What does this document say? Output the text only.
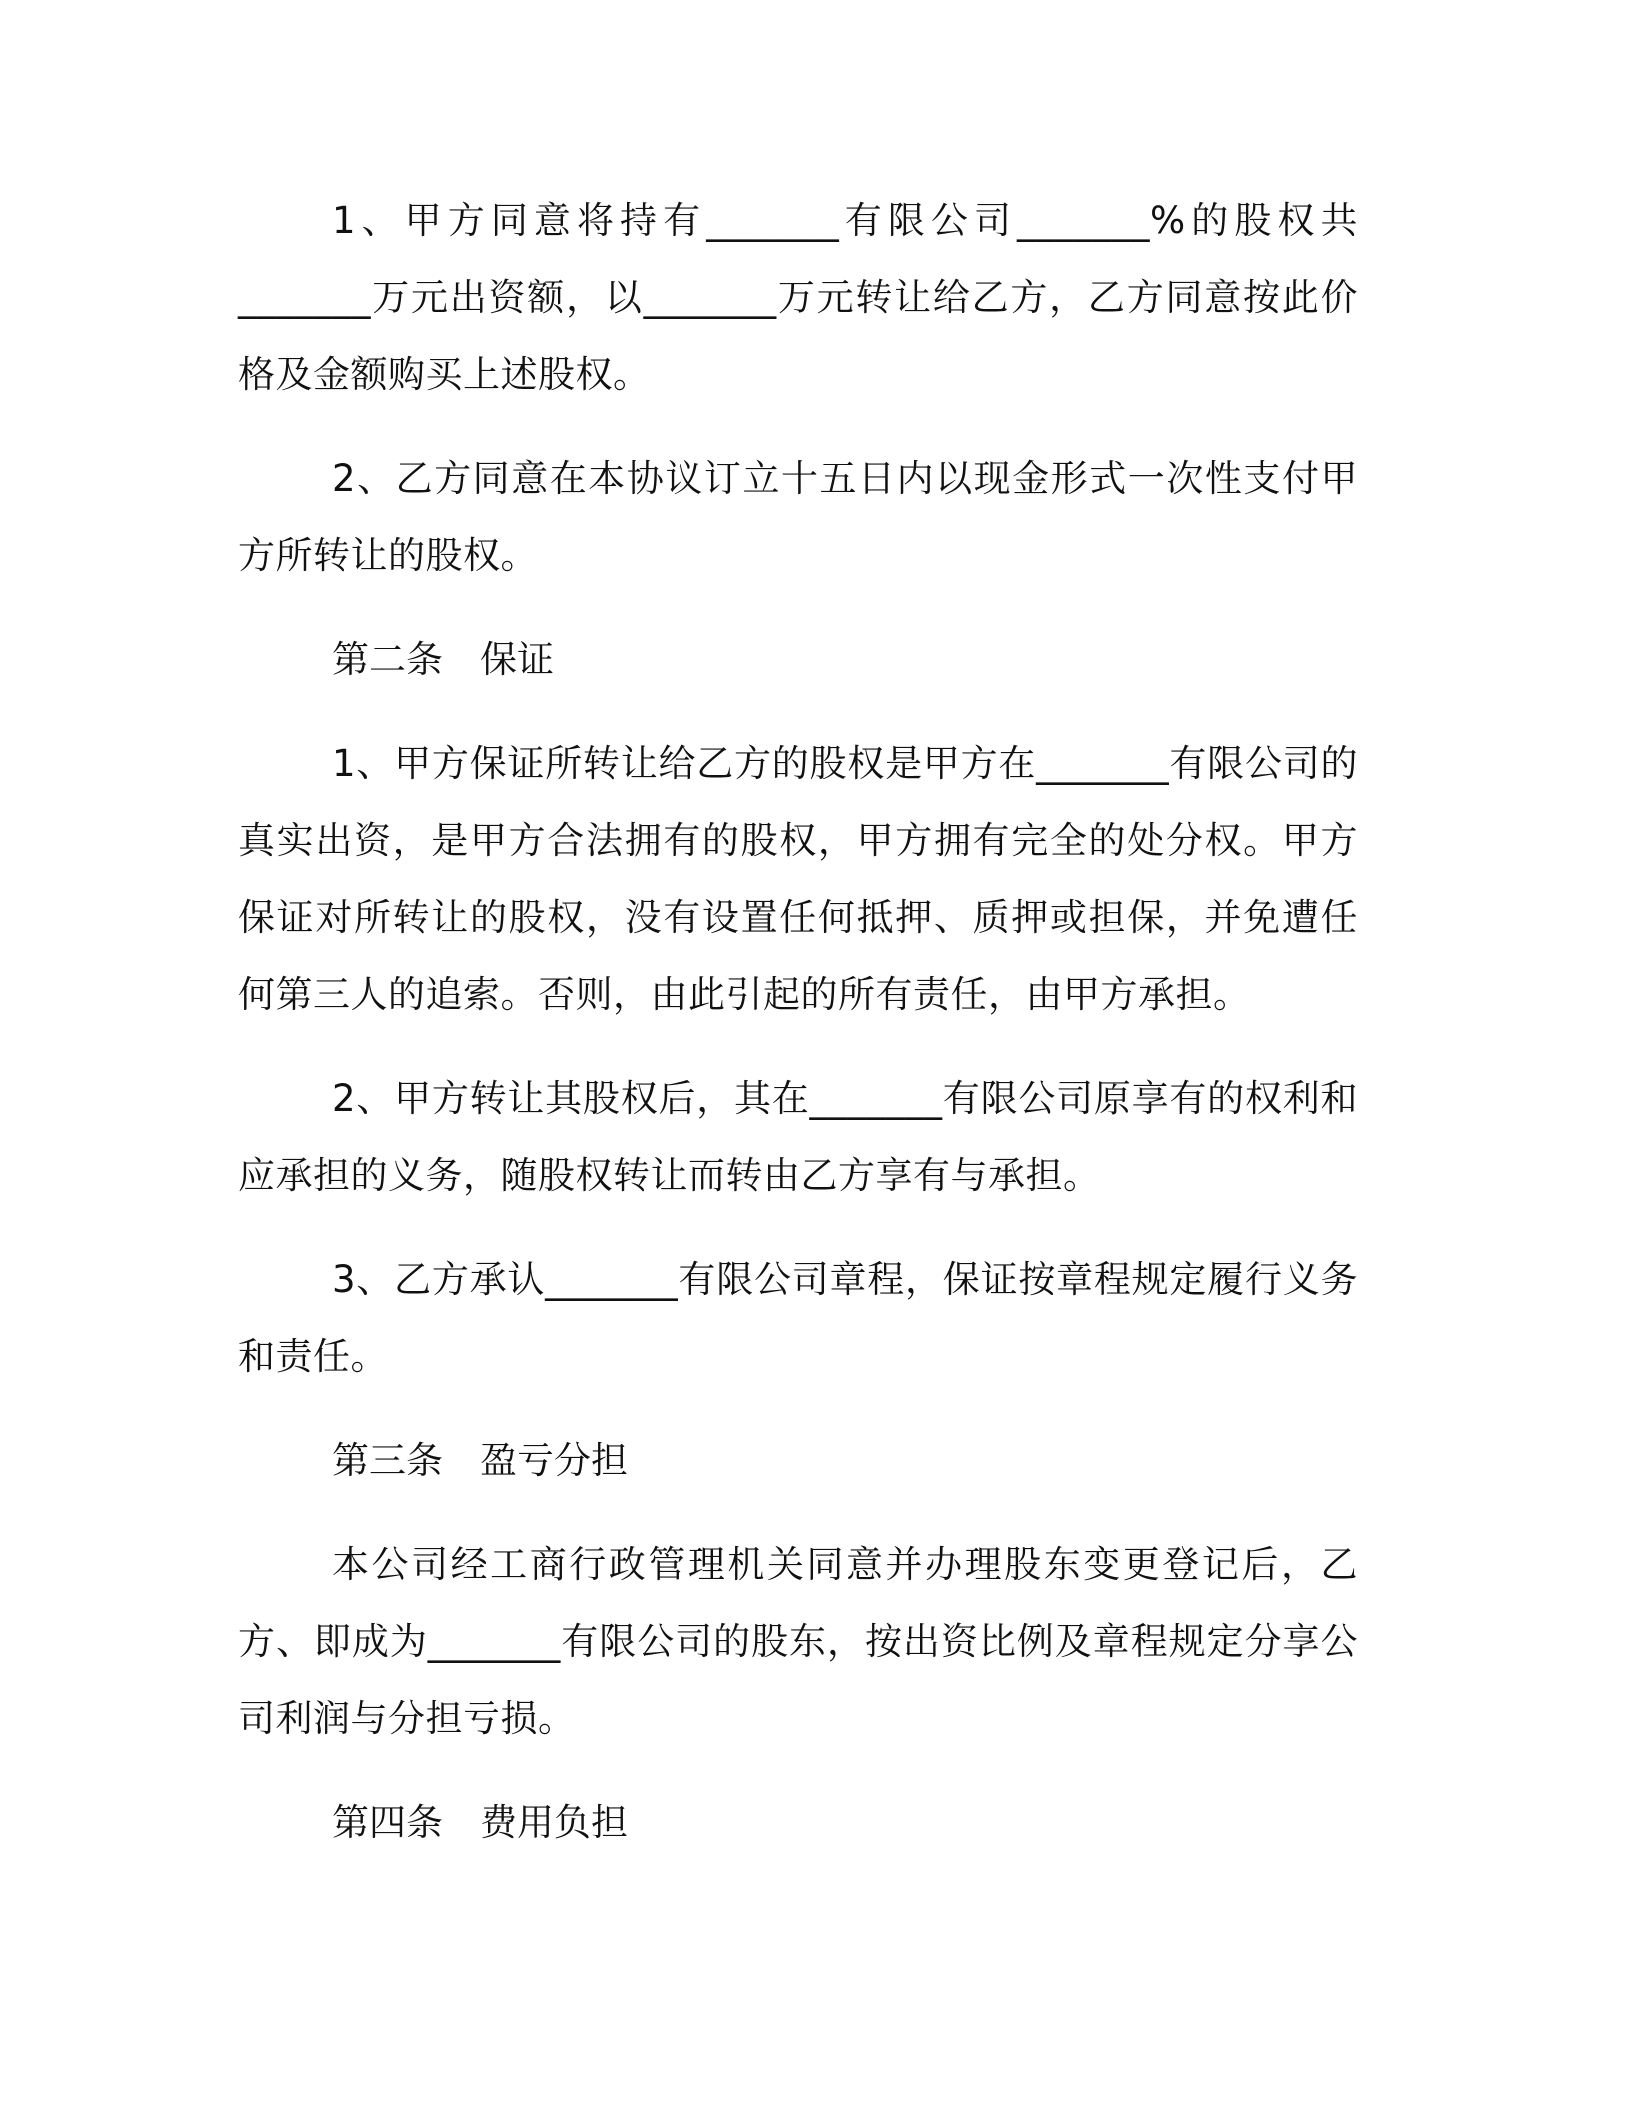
1、甲方同意将持有_______有限公司_______%的股权共_______万元出资额，以_______万元转让给乙方，乙方同意按此价格及金额购买上述股权。

2、乙方同意在本协议订立十五日内以现金形式一次性支付甲方所转让的股权。

第二条　保证

1、甲方保证所转让给乙方的股权是甲方在_______有限公司的真实出资，是甲方合法拥有的股权，甲方拥有完全的处分权。甲方保证对所转让的股权，没有设置任何抵押、质押或担保，并免遭任何第三人的追索。否则，由此引起的所有责任，由甲方承担。

2、甲方转让其股权后，其在_______有限公司原享有的权利和应承担的义务，随股权转让而转由乙方享有与承担。

3、乙方承认_______有限公司章程，保证按章程规定履行义务和责任。

第三条　盈亏分担

本公司经工商行政管理机关同意并办理股东变更登记后，乙方、即成为_______有限公司的股东，按出资比例及章程规定分享公司利润与分担亏损。

第四条　费用负担
